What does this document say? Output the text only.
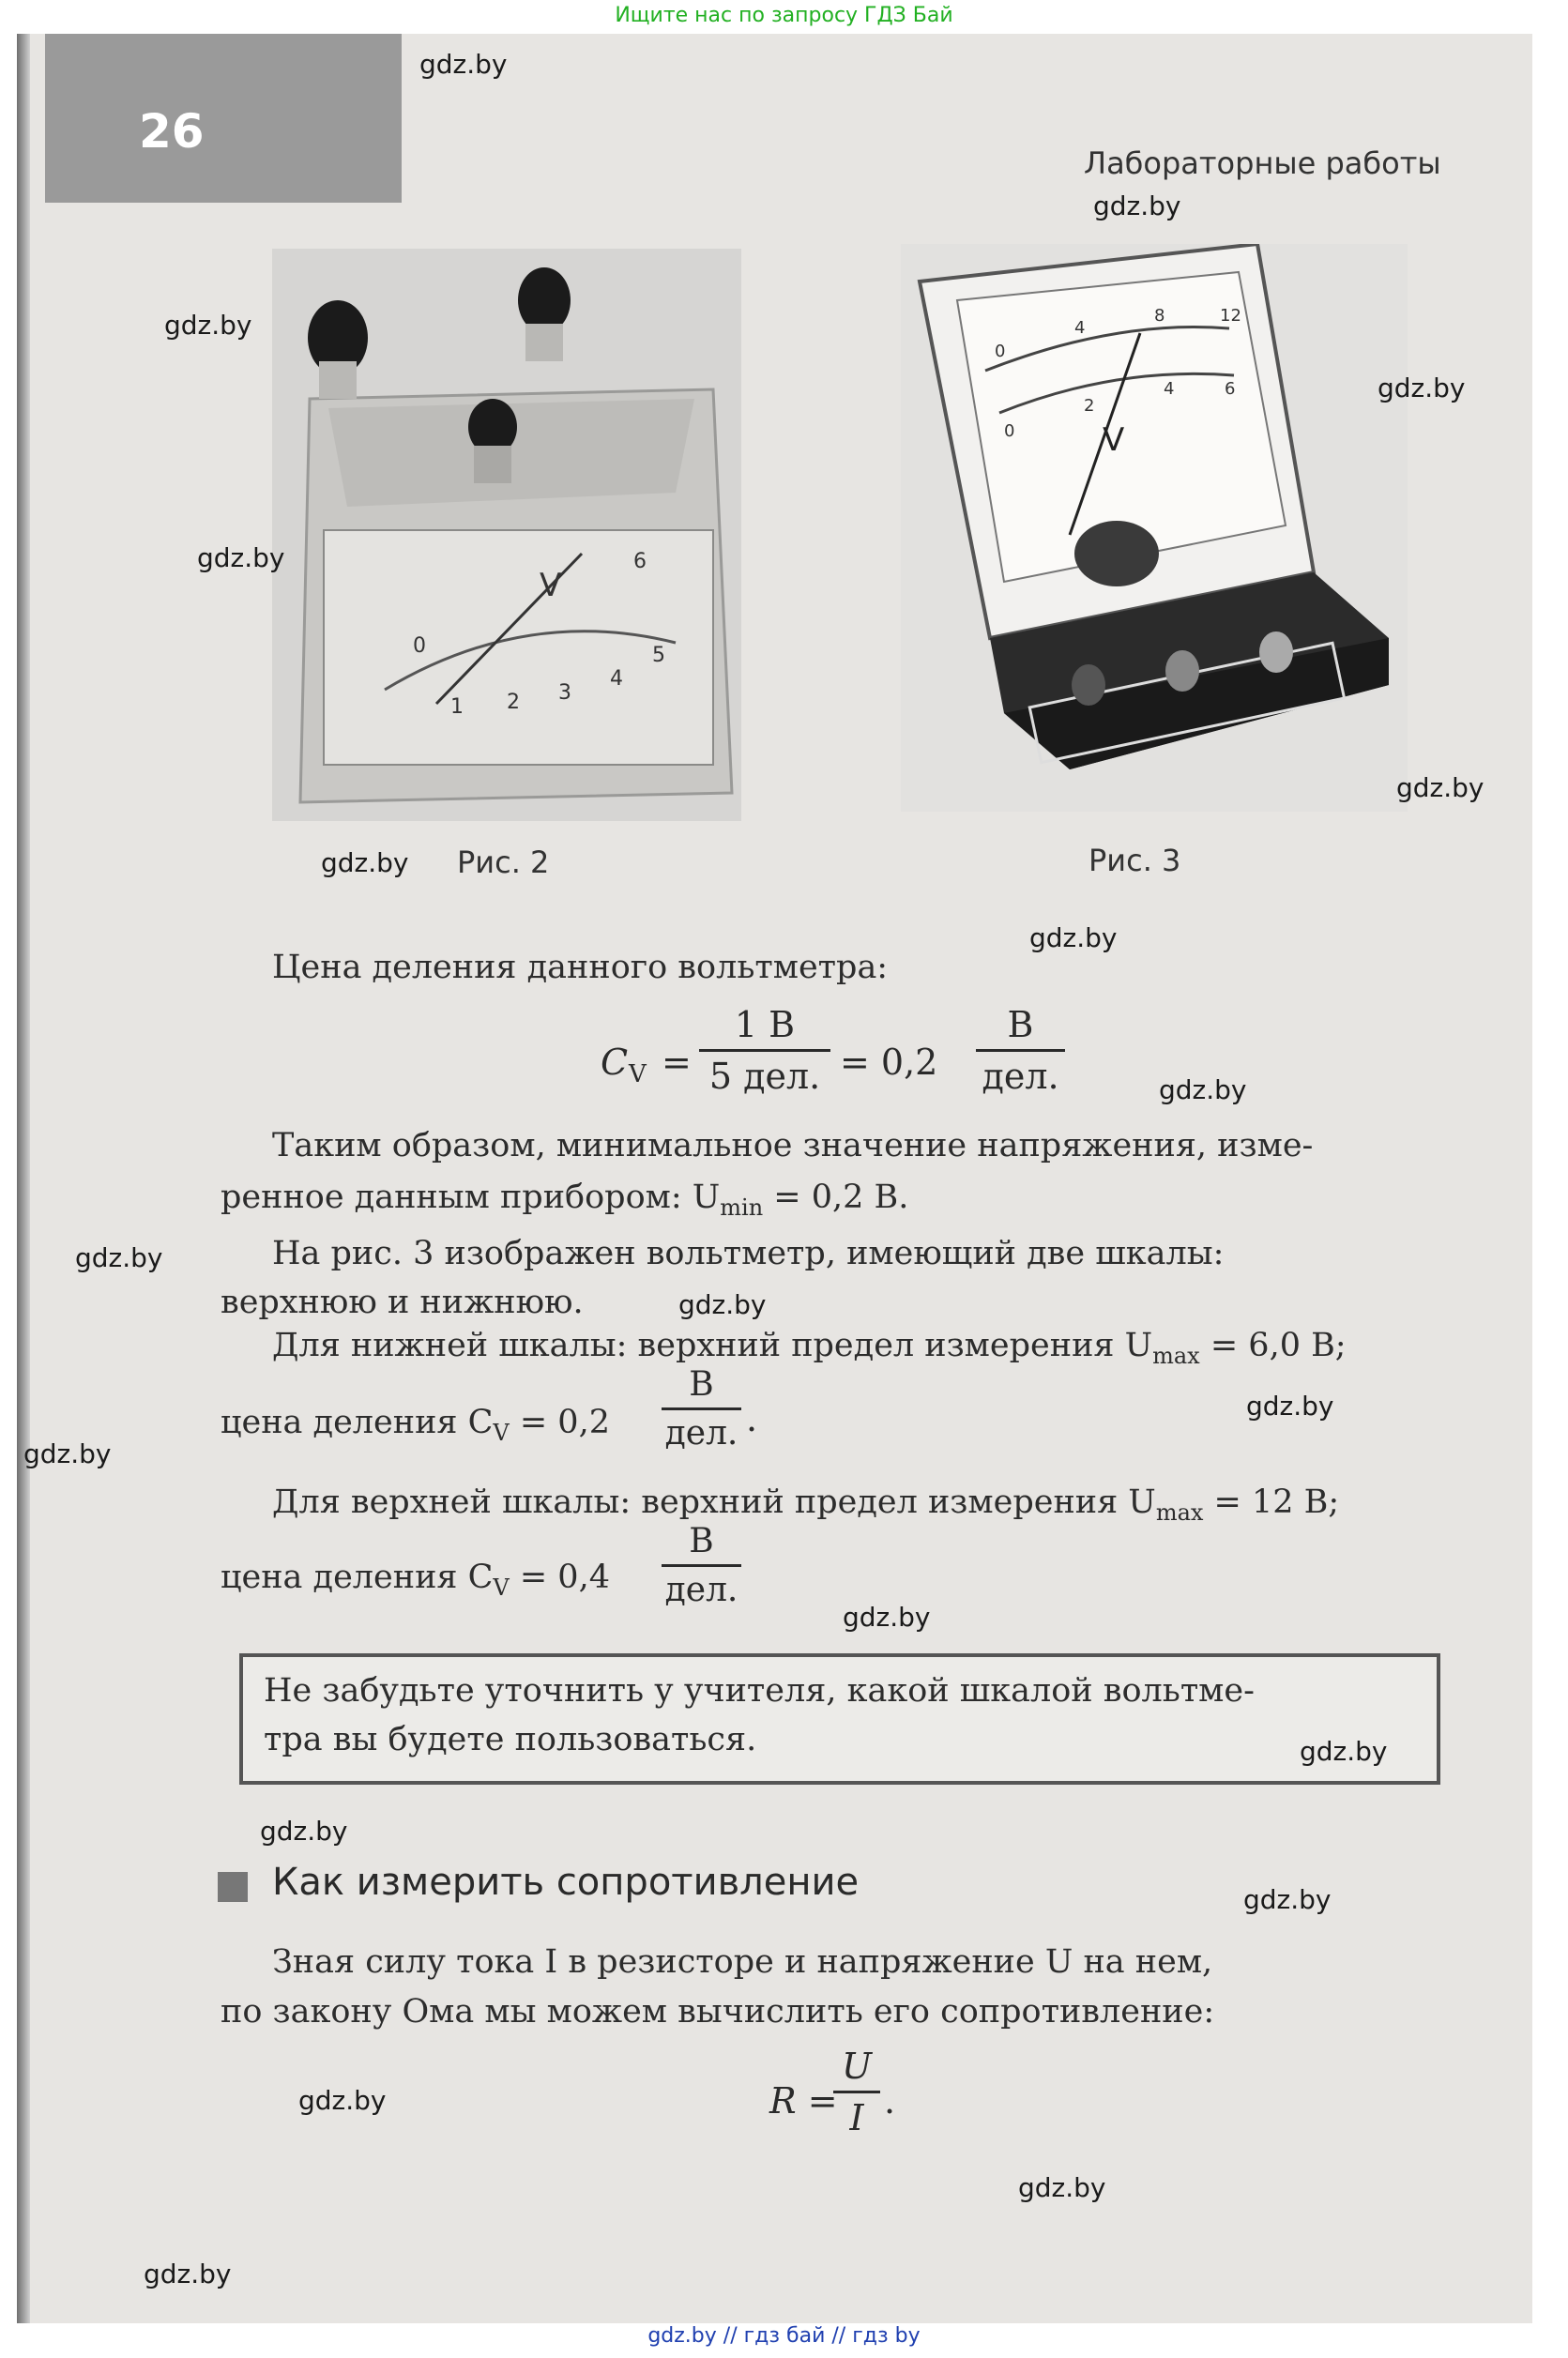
Ищите нас по запросу ГДЗ Бай
26
Лабораторные работы
V
0
1 2 3
4
5
6
Рис. 2
V
0
4
8	12
0
2
4	6
Рис. 3
Цена деления данного вольтметра:
C V =
1 В
5 дел. = 0,2
В
дел.
Таким образом, минимальное значение напряжения, изме-
ренное данным прибором: $U_{min} = 0,2$ В.
На рис. 3 изображен вольтметр, имеющий две шкалы:
верхнюю и нижнюю.
Для нижней шкалы: верхний предел измерения $U_{max} = 6,0$ В;
цена деления $C_V = 0,2$
В
дел. .
Для верхней шкалы: верхний предел измерения $U_{max} = 12$ В;
цена деления $C_V = 0,4$
В
дел.
Не забудьте уточнить у учителя, какой шкалой вольтме-
тра вы будете пользоваться.
Как измерить сопротивление
Зная силу тока I в резисторе и напряжение U на нем,
по закону Ома мы можем вычислить его сопротивление:
R =
U
I .
gdz.by
gdz.by
gdz.by
gdz.by
gdz.by
gdz.by
gdz.by
gdz.by
gdz.by
gdz.by
gdz.by
gdz.by
gdz.by
gdz.by
gdz.by
gdz.by
gdz.by
gdz.by
gdz.by
gdz.by
gdz.by // гдз бай // гдз by
